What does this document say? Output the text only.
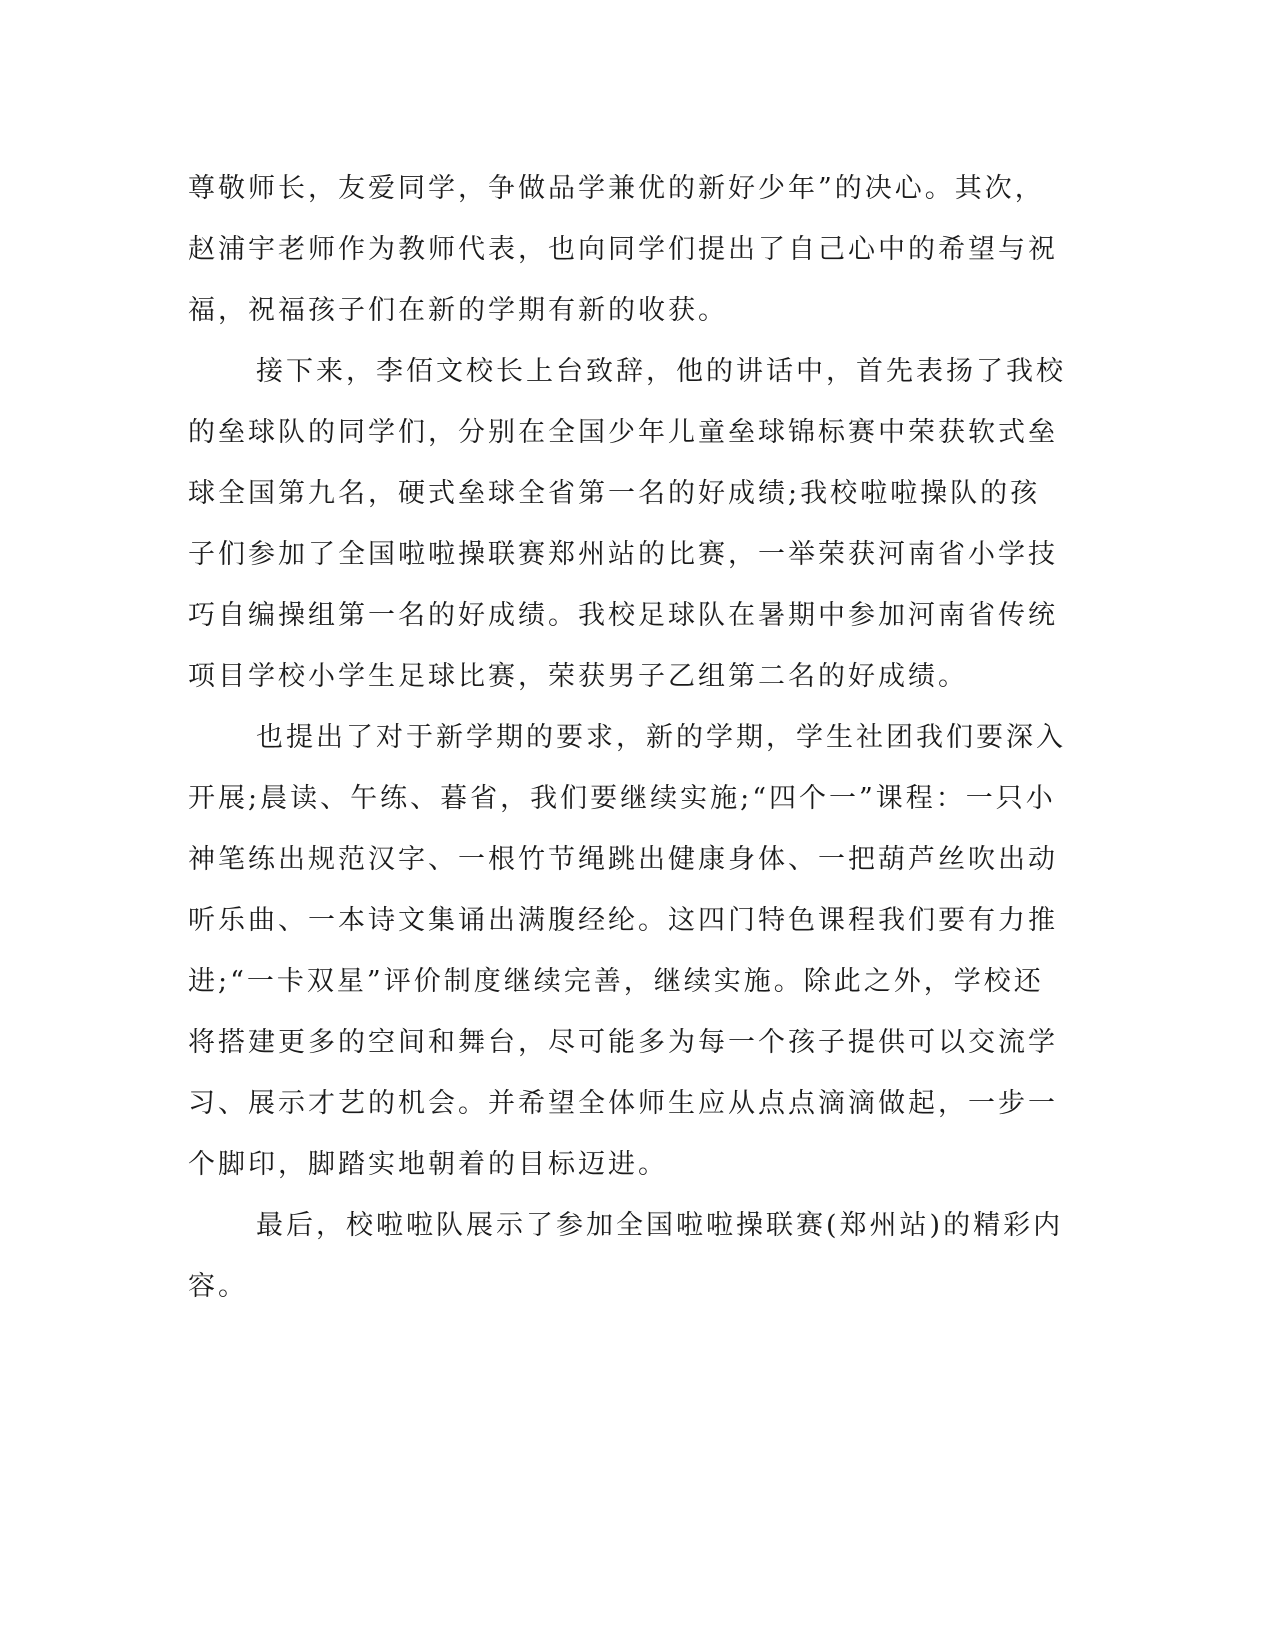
尊敬师长，友爱同学，争做品学兼优的新好少年”的决心。其次，赵浦宇老师作为教师代表，也向同学们提出了自己心中的希望与祝福，祝福孩子们在新的学期有新的收获。

接下来，李佰文校长上台致辞，他的讲话中，首先表扬了我校的垒球队的同学们，分别在全国少年儿童垒球锦标赛中荣获软式垒球全国第九名，硬式垒球全省第一名的好成绩;我校啦啦操队的孩子们参加了全国啦啦操联赛郑州站的比赛，一举荣获河南省小学技巧自编操组第一名的好成绩。我校足球队在暑期中参加河南省传统项目学校小学生足球比赛，荣获男子乙组第二名的好成绩。

也提出了对于新学期的要求，新的学期，学生社团我们要深入开展;晨读、午练、暮省，我们要继续实施;“四个一”课程：一只小神笔练出规范汉字、一根竹节绳跳出健康身体、一把葫芦丝吹出动听乐曲、一本诗文集诵出满腹经纶。这四门特色课程我们要有力推进;“一卡双星”评价制度继续完善，继续实施。除此之外，学校还将搭建更多的空间和舞台，尽可能多为每一个孩子提供可以交流学习、展示才艺的机会。并希望全体师生应从点点滴滴做起，一步一个脚印，脚踏实地朝着的目标迈进。

最后，校啦啦队展示了参加全国啦啦操联赛(郑州站)的精彩内容。
